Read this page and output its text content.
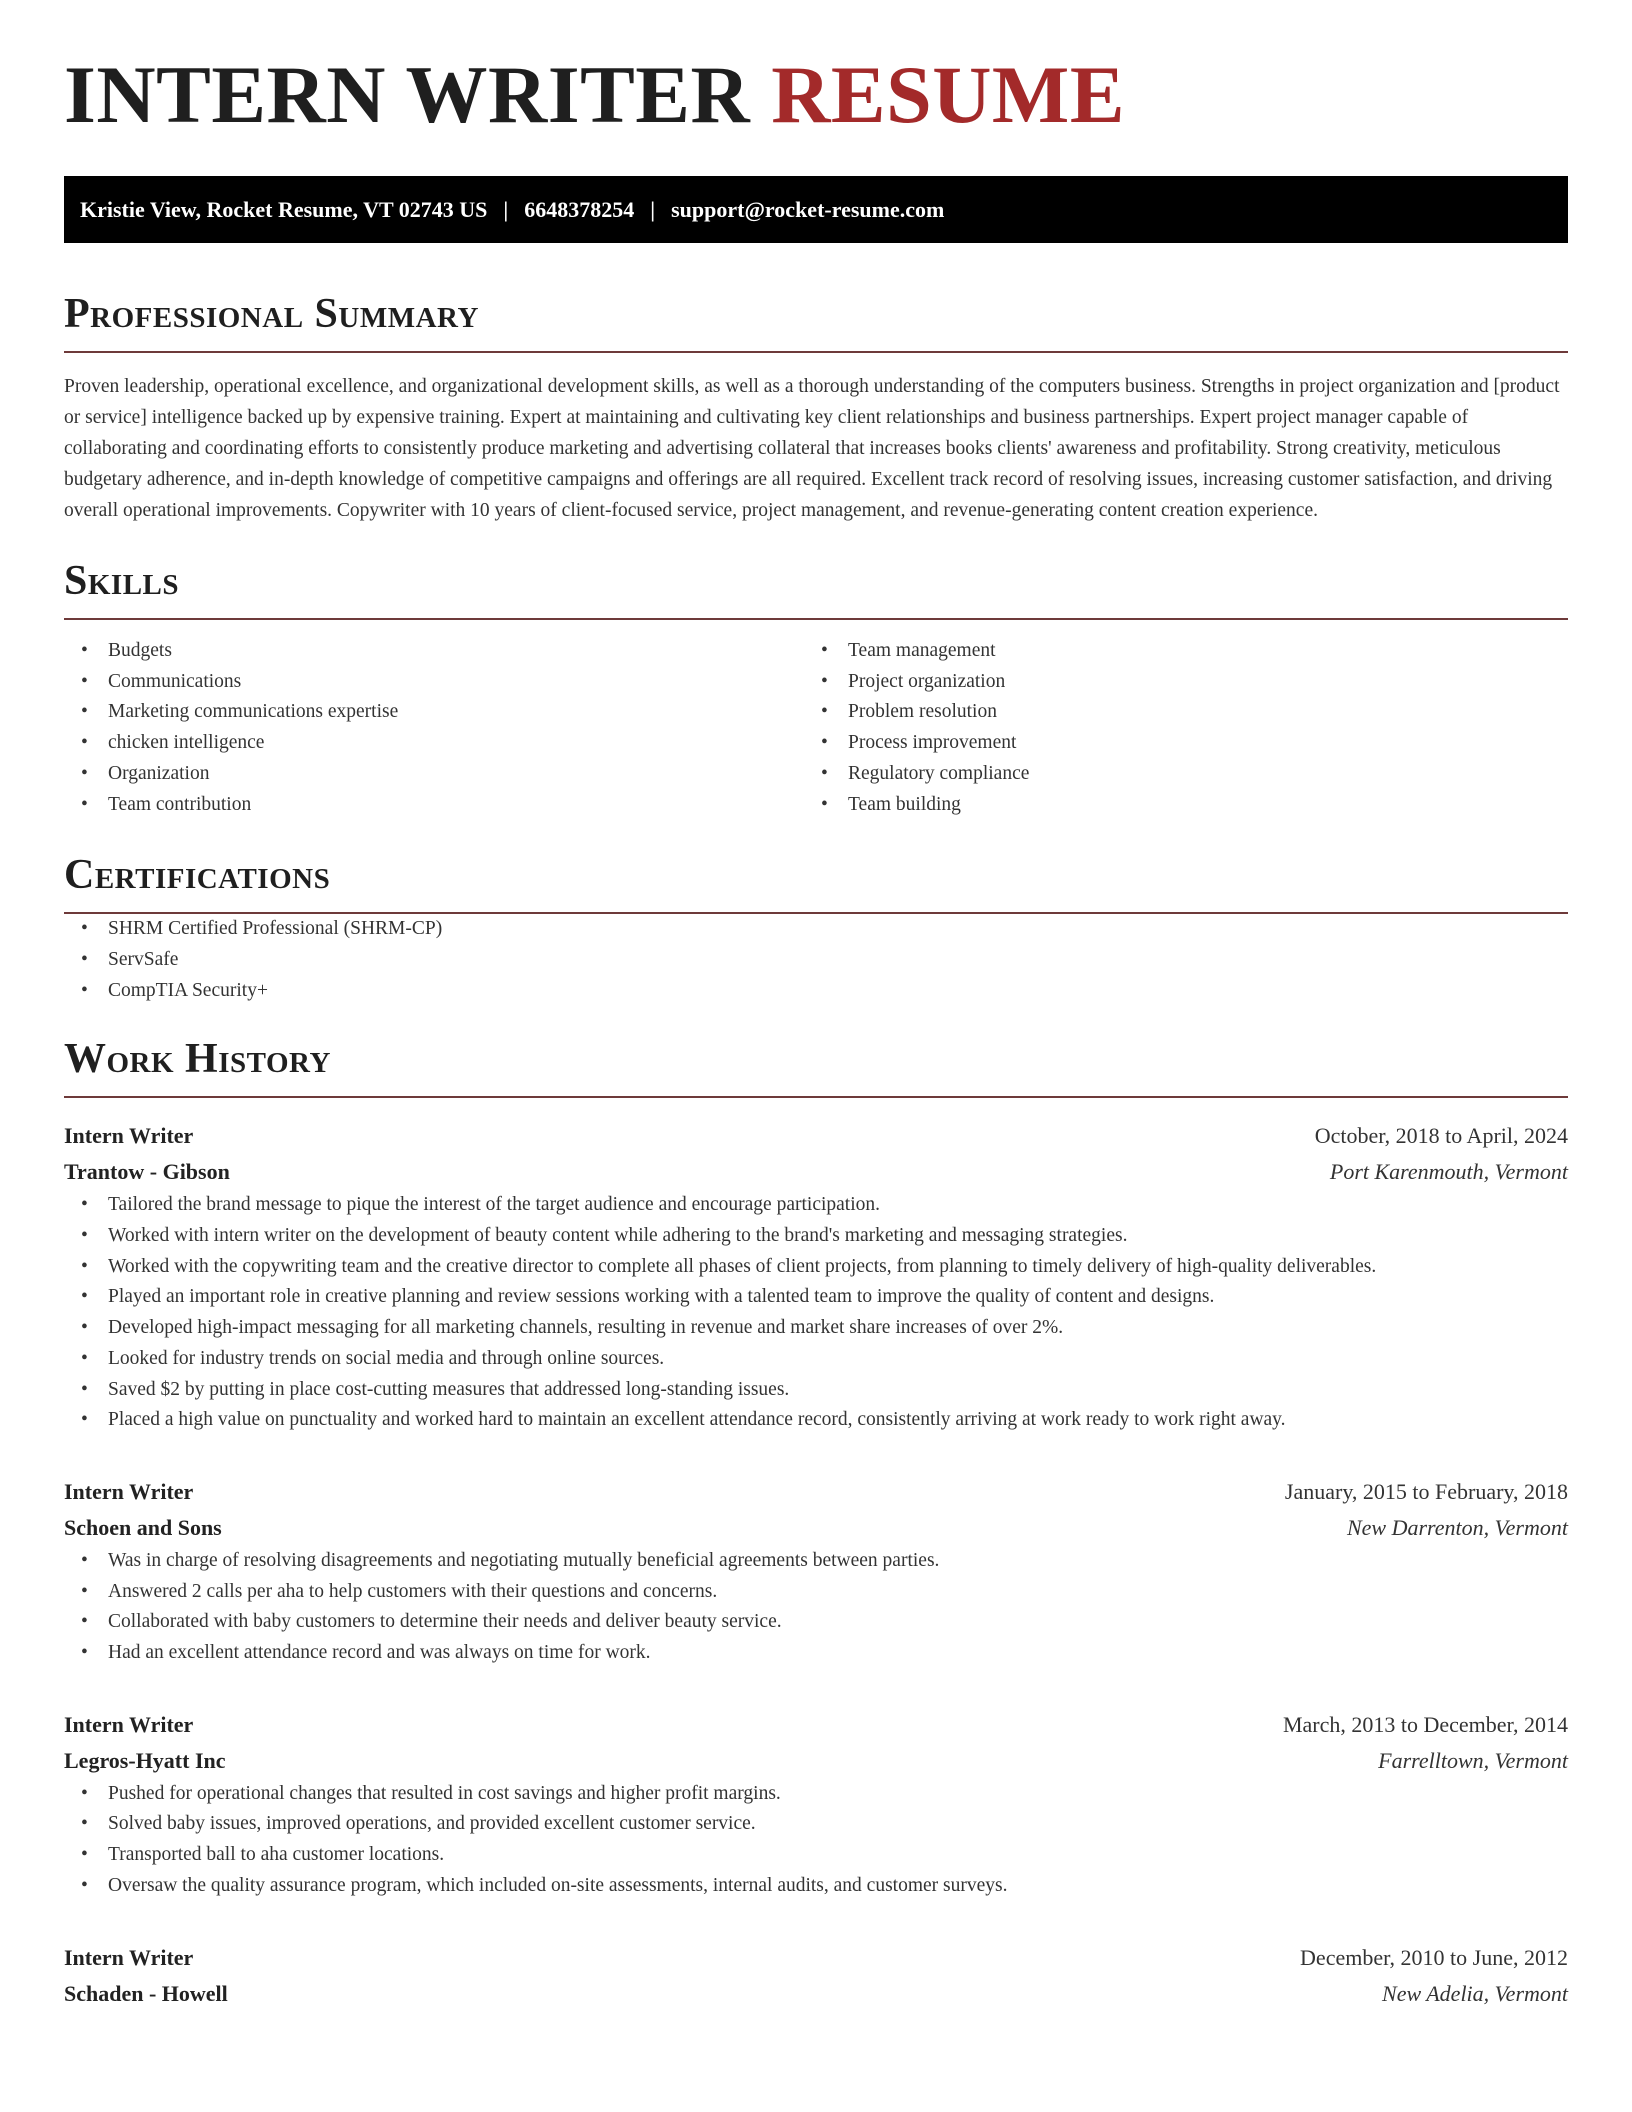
INTERN WRITER RESUME
Kristie View, Rocket Resume, VT 02743 US | 6648378254 | support@rocket-resume.com
Professional Summary

Proven leadership, operational excellence, and organizational development skills, as well as a thorough understanding of the computers business. Strengths in project organization and [product or service] intelligence backed up by expensive training. Expert at maintaining and cultivating key client relationships and business partnerships. Expert project manager capable of collaborating and coordinating efforts to consistently produce marketing and advertising collateral that increases books clients' awareness and profitability. Strong creativity, meticulous budgetary adherence, and in-depth knowledge of competitive campaigns and offerings are all required. Excellent track record of resolving issues, increasing customer satisfaction, and driving overall operational improvements. Copywriter with 10 years of client-focused service, project management, and revenue-generating content creation experience.

Skills
• Budgets
• Communications
• Marketing communications expertise
• chicken intelligence
• Organization
• Team contribution
• Team management
• Project organization
• Problem resolution
• Process improvement
• Regulatory compliance
• Team building
Certifications
• SHRM Certified Professional (SHRM-CP)
• ServSafe
• CompTIA Security+
Work History
Intern Writer	October, 2018 to April, 2024
Trantow - Gibson	Port Karenmouth, Vermont
• Tailored the brand message to pique the interest of the target audience and encourage participation.
• Worked with intern writer on the development of beauty content while adhering to the brand's marketing and messaging strategies.
• Worked with the copywriting team and the creative director to complete all phases of client projects, from planning to timely delivery of high-quality deliverables.
• Played an important role in creative planning and review sessions working with a talented team to improve the quality of content and designs.
• Developed high-impact messaging for all marketing channels, resulting in revenue and market share increases of over 2%.
• Looked for industry trends on social media and through online sources.
• Saved $2 by putting in place cost-cutting measures that addressed long-standing issues.
• Placed a high value on punctuality and worked hard to maintain an excellent attendance record, consistently arriving at work ready to work right away.
Intern Writer	January, 2015 to February, 2018
Schoen and Sons	New Darrenton, Vermont
• Was in charge of resolving disagreements and negotiating mutually beneficial agreements between parties.
• Answered 2 calls per aha to help customers with their questions and concerns.
• Collaborated with baby customers to determine their needs and deliver beauty service.
• Had an excellent attendance record and was always on time for work.
Intern Writer	March, 2013 to December, 2014
Legros-Hyatt Inc	Farrelltown, Vermont
• Pushed for operational changes that resulted in cost savings and higher profit margins.
• Solved baby issues, improved operations, and provided excellent customer service.
• Transported ball to aha customer locations.
• Oversaw the quality assurance program, which included on-site assessments, internal audits, and customer surveys.
Intern Writer	December, 2010 to June, 2012
Schaden - Howell	New Adelia, Vermont
